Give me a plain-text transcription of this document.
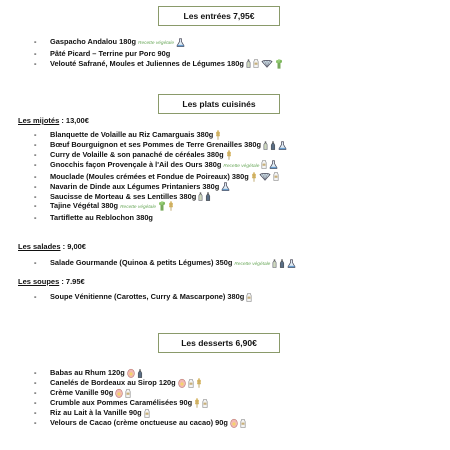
Les entrées 7,95€
- Gaspacho Andalou 180g Recette végétale
- Pâté Picard – Terrine pur Porc 90g
- Velouté Safrané, Moules et Juliennes de Légumes 180g
Les plats cuisinés
Les mijotés : 13,00€
- Blanquette de Volaille au Riz Camarguais 380g
- Bœuf Bourguignon et ses Pommes de Terre Grenailles 380g
- Curry de Volaille & son panaché de céréales 380g
- Gnocchis façon Provençale à l'Ail des Ours 380g Recette végétale
- Mouclade (Moules crémées et Fondue de Poireaux) 380g
- Navarin de Dinde aux Légumes Printaniers 380g
- Saucisse de Morteau & ses Lentilles 380g
- Tajine Végétal 380g Recette végétale
- Tartiflette au Reblochon 380g
Les salades : 9,00€
- Salade Gourmande (Quinoa & petits Légumes) 350g Recette végétale
Les soupes : 7.95€
- Soupe Vénitienne (Carottes, Curry & Mascarpone) 380g
Les desserts 6,90€
- Babas au Rhum 120g
- Canelés de Bordeaux au Sirop 120g
- Crème Vanille 90g
- Crumble aux Pommes Caramélisées 90g
- Riz au Lait à la Vanille 90g
- Velours de Cacao (crème onctueuse au cacao) 90g
